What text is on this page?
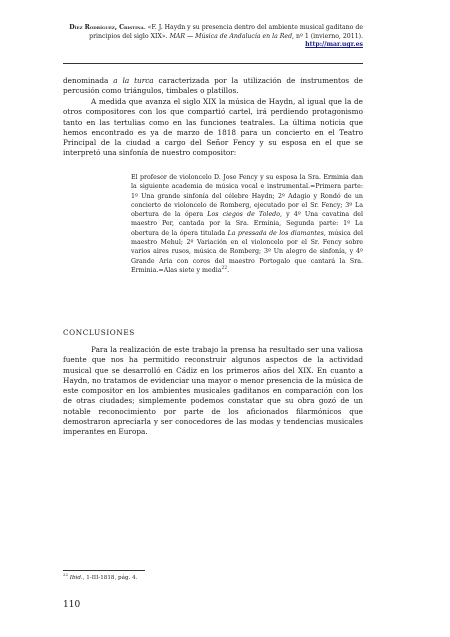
Díez Rodríguez, Cristina. «F. J. Haydn y su presencia dentro del ambiente musical gaditano de principios del siglo XIX». MAR — Música de Andalucía en la Red, nº 1 (invierno, 2011).
http://mar.ugr.es
denominada a la turca caracterizada por la utilización de instrumentos de percusión como triángulos, timbales o platillos.
A medida que avanza el siglo XIX la música de Haydn, al igual que la de otros compositores con los que compartió cartel, irá perdiendo protagonismo tanto en las tertulias como en las funciones teatrales. La última noticia que hemos encontrado es ya de marzo de 1818 para un concierto en el Teatro Principal de la ciudad a cargo del Señor Fency y su esposa en el que se interpretó una sinfonía de nuestro compositor:
El profesor de violoncelo D. Jose Fency y su esposa la Sra. Erminia dan la siguiente academia de música vocal e instrumental.=Primera parte: 1º Una grande sinfonía del célebre Haydn; 2º Adagio y Rondó de un concierto de violoncelo de Romberg, ejecutado por el Sr. Fency; 3º La obertura de la ópera Los ciegos de Toledo, y 4º Una cavatina del maestro Per, cantada por la Sra. Erminia, Segunda parte: 1º La obertura de la ópera titulada La pressada de los diamantes, música del maestro Mehul; 2º Variación en el violoncelo por el Sr. Fency sobre varios aires rusos, música de Romberg; 3º Un alegro de sinfonía, y 4º Grande Aria con coros del maestro Portogalo que cantará la Sra. Erminia.=Alas siete y media$^{22}$.
CONCLUSIONES
Para la realización de este trabajo la prensa ha resultado ser una valiosa fuente que nos ha permitido reconstruir algunos aspectos de la actividad musical que se desarrolló en Cádiz en los primeros años del XIX. En cuanto a Haydn, no tratamos de evidenciar una mayor o menor presencia de la música de este compositor en los ambientes musicales gaditanos en comparación con los de otras ciudades; simplemente podemos constatar que su obra gozó de un notable reconocimiento por parte de los aficionados filarmónicos que demostraron apreciarla y ser conocedores de las modas y tendencias musicales imperantes en Europa.
$^{22}$ Ibid., 1-III-1818, pág. 4.
110
